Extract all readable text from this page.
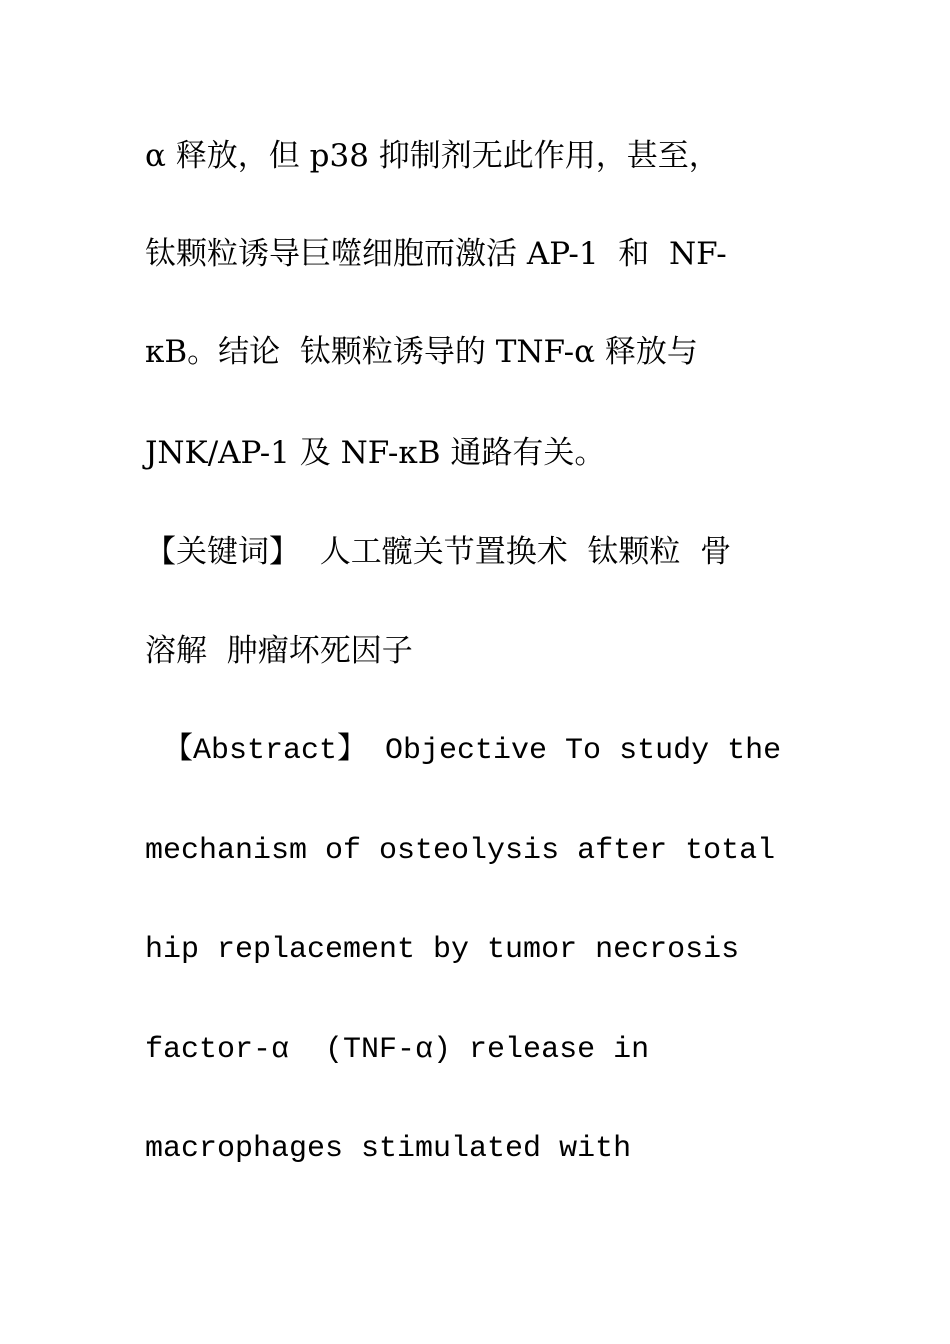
α 释放，但 p38 抑制剂无此作用，甚至，
钛颗粒诱导巨噬细胞而激活 AP-1  和  NF-
κB。结论  钛颗粒诱导的 TNF-α 释放与
JNK/AP-1 及 NF-κB 通路有关。
【关键词】  人工髋关节置换术  钛颗粒  骨
溶解  肿瘤坏死因子
【Abstract】 Objective To study the
mechanism of osteolysis after total
hip replacement by tumor necrosis
factor-α  (TNF-α) release in
macrophages stimulated with
